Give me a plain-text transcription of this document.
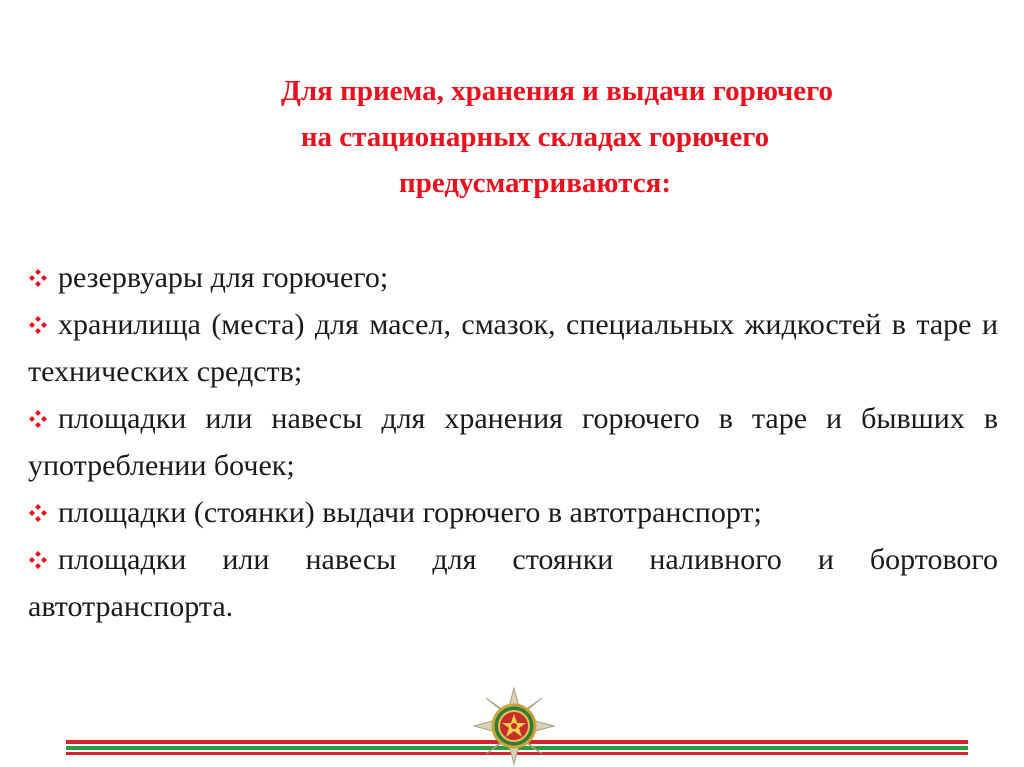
Для приема, хранения и выдачи горючего
на стационарных складах горючего
предусматриваются:
резервуары для горючего;
хранилища (места) для масел, смазок, специальных жидкостей в таре и технических средств;
площадки или навесы для хранения горючего в таре и бывших в употреблении бочек;
площадки (стоянки) выдачи горючего в автотранспорт;
площадки или навесы для стоянки наливного и бортового автотранспорта.
